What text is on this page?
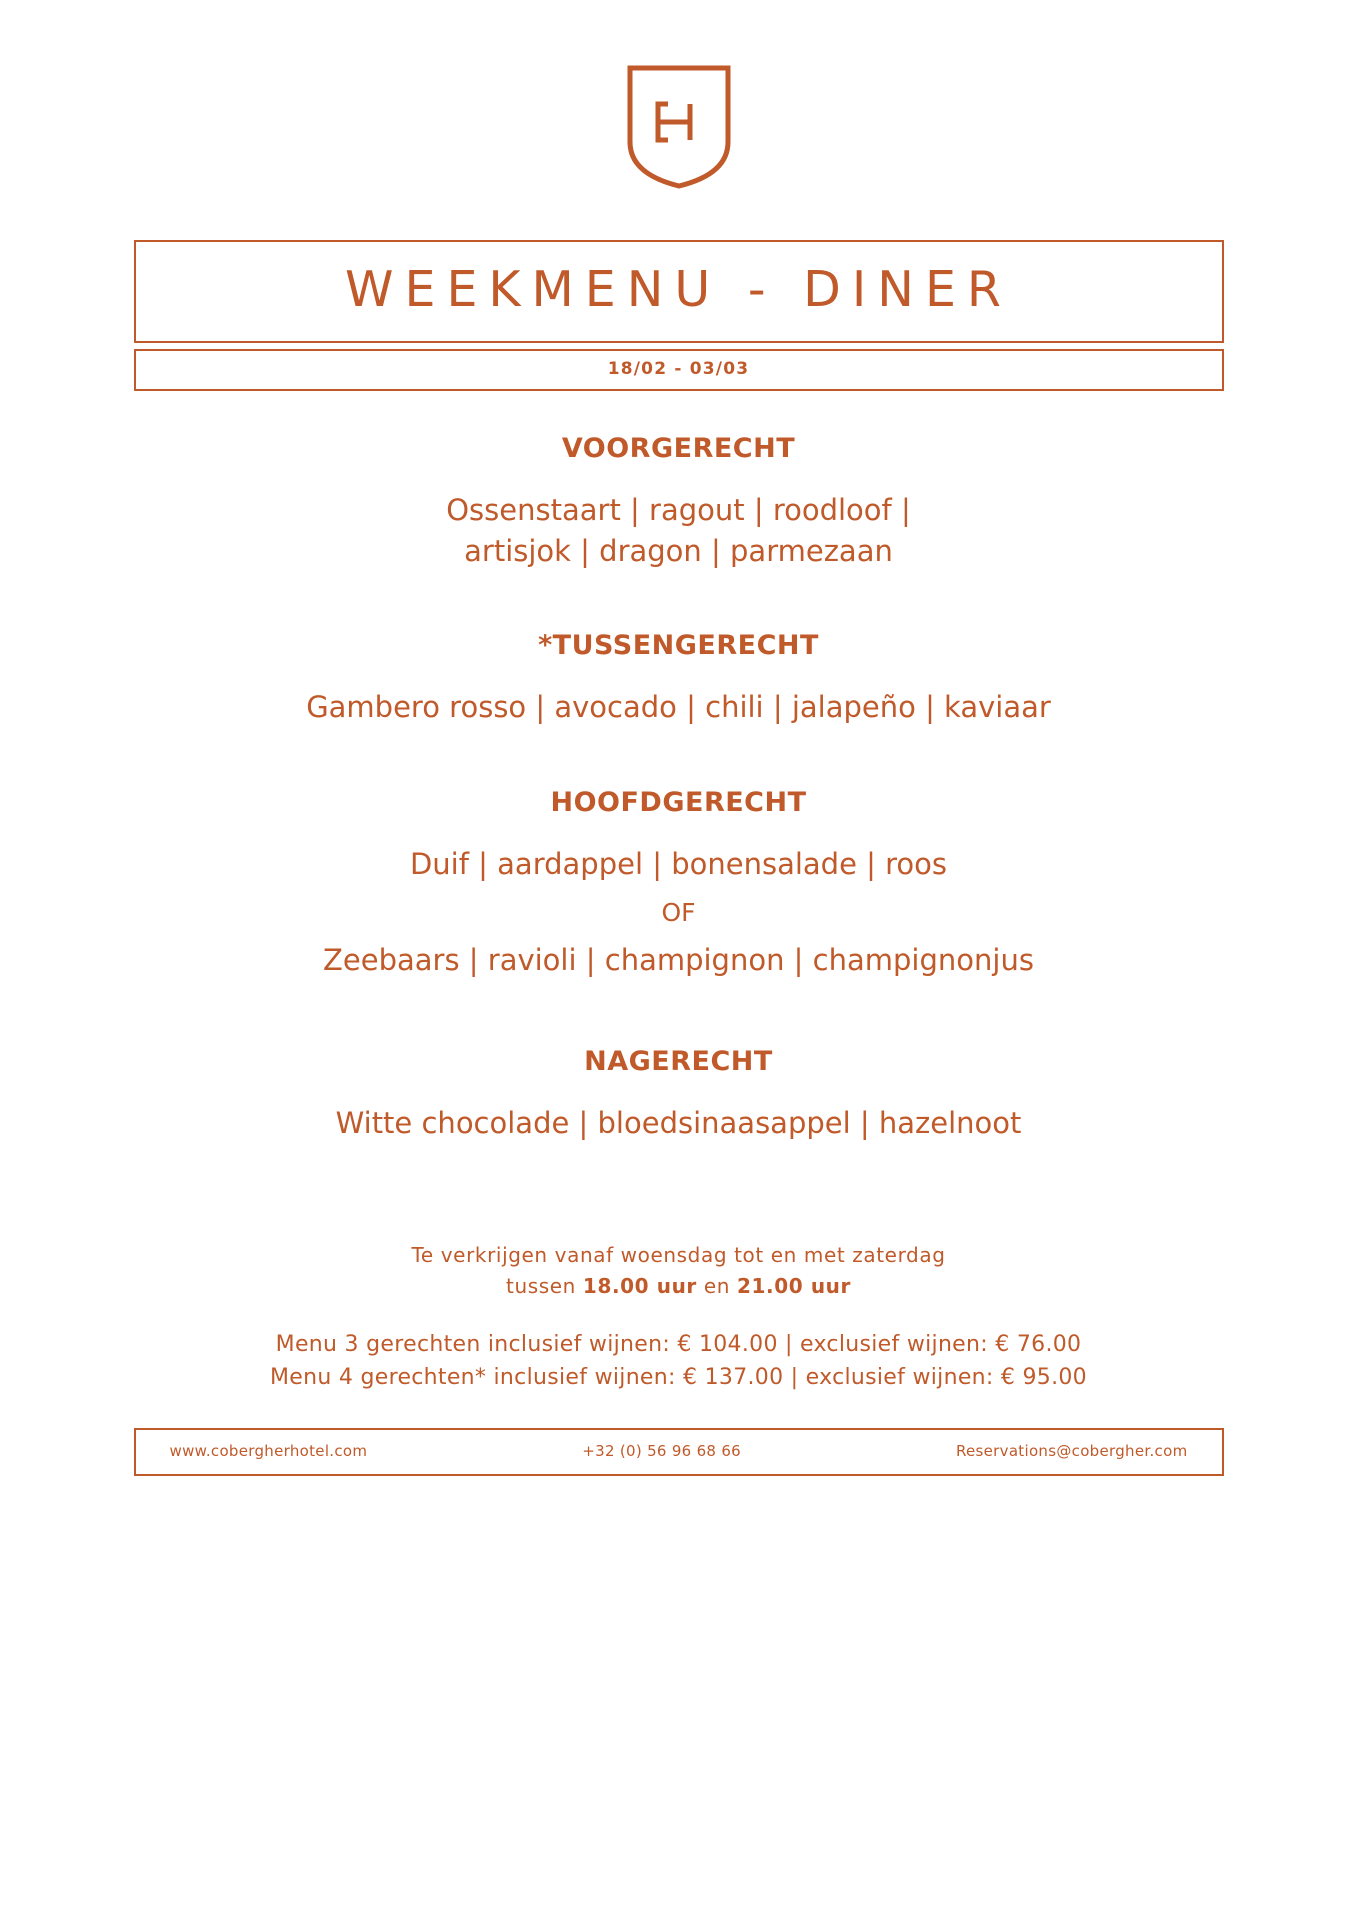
WEEKMENU - DINER
18/02 - 03/03
VOORGERECHT
Ossenstaart | ragout | roodloof |
artisjok | dragon | parmezaan
*TUSSENGERECHT
Gambero rosso | avocado | chili | jalapeño | kaviaar
HOOFDGERECHT
Duif | aardappel | bonensalade | roos
OF
Zeebaars | ravioli | champignon | champignonjus
NAGERECHT
Witte chocolade | bloedsinaasappel | hazelnoot
Te verkrijgen vanaf woensdag tot en met zaterdag
tussen 18.00 uur en 21.00 uur
Menu 3 gerechten inclusief wijnen: € 104.00 | exclusief wijnen: € 76.00
Menu 4 gerechten* inclusief wijnen: € 137.00 | exclusief wijnen: € 95.00
www.cobergherhotel.com	+32 (0) 56 96 68 66	Reservations@cobergher.com
